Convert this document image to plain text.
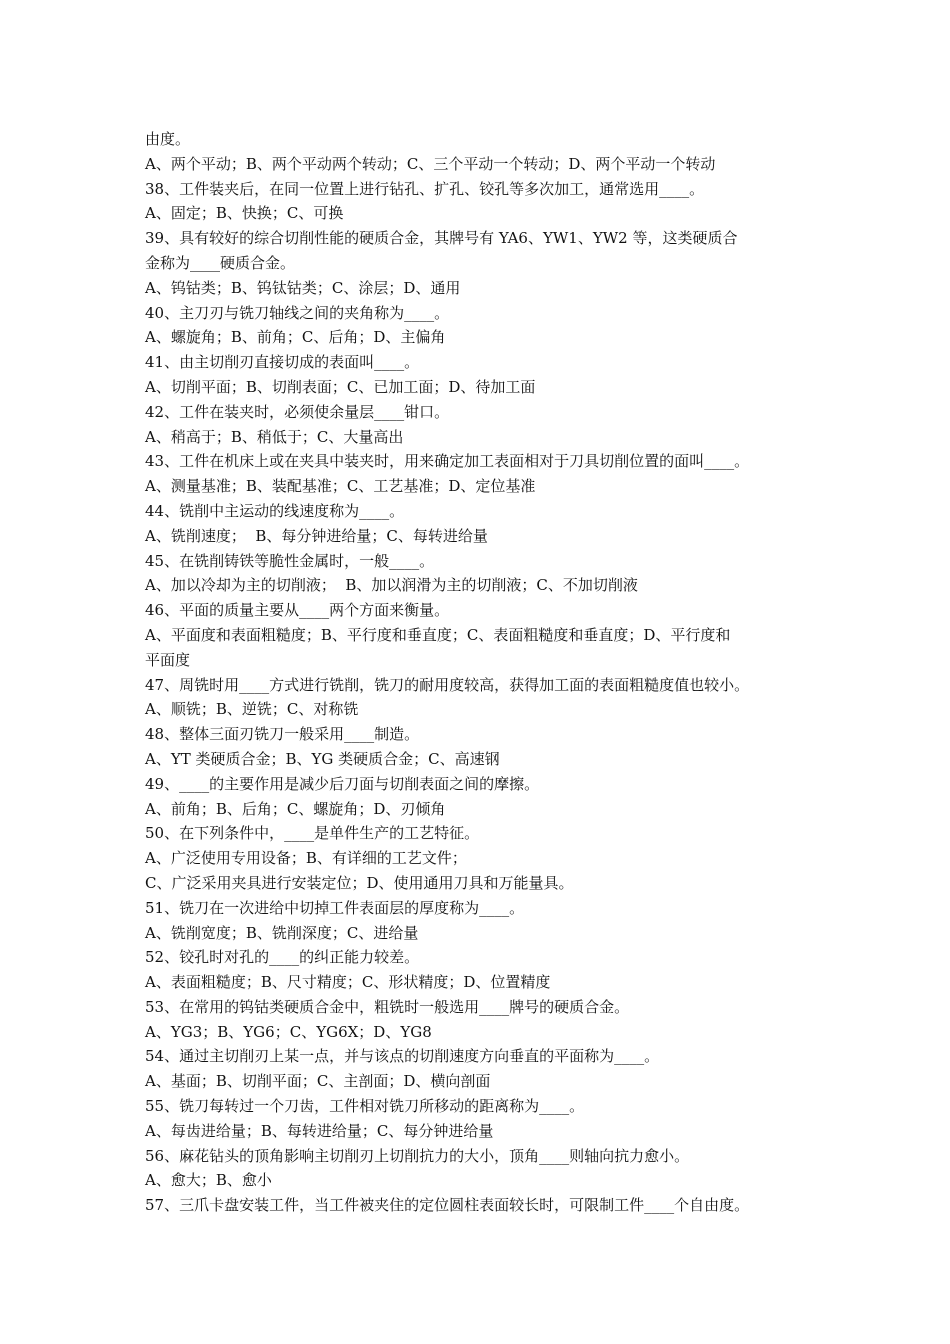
由度。
A、两个平动；B、两个平动两个转动；C、三个平动一个转动；D、两个平动一个转动
38、工件装夹后，在同一位置上进行钻孔、扩孔、铰孔等多次加工，通常选用____。
A、固定；B、快换；C、可换
39、具有较好的综合切削性能的硬质合金，其牌号有 YA6、YW1、YW2 等，这类硬质合
金称为____硬质合金。
A、钨钴类；B、钨钛钴类；C、涂层；D、通用
40、主刀刃与铣刀轴线之间的夹角称为____。
A、螺旋角；B、前角；C、后角；D、主偏角
41、由主切削刃直接切成的表面叫____。
A、切削平面；B、切削表面；C、已加工面；D、待加工面
42、工件在装夹时，必须使余量层____钳口。
A、稍高于；B、稍低于；C、大量高出
43、工件在机床上或在夹具中装夹时，用来确定加工表面相对于刀具切削位置的面叫____。
A、测量基准；B、装配基准；C、工艺基准；D、定位基准
44、铣削中主运动的线速度称为____。
A、铣削速度；  B、每分钟进给量；C、每转进给量
45、在铣削铸铁等脆性金属时，一般____。
A、加以冷却为主的切削液；  B、加以润滑为主的切削液；C、不加切削液
46、平面的质量主要从____两个方面来衡量。
A、平面度和表面粗糙度；B、平行度和垂直度；C、表面粗糙度和垂直度；D、平行度和
平面度
47、周铣时用____方式进行铣削，铣刀的耐用度较高，获得加工面的表面粗糙度值也较小。
A、顺铣；B、逆铣；C、对称铣
48、整体三面刃铣刀一般采用____制造。
A、YT 类硬质合金；B、YG 类硬质合金；C、高速钢
49、____的主要作用是减少后刀面与切削表面之间的摩擦。
A、前角；B、后角；C、螺旋角；D、刃倾角
50、在下列条件中，____是单件生产的工艺特征。
A、广泛使用专用设备；B、有详细的工艺文件；
C、广泛采用夹具进行安装定位；D、使用通用刀具和万能量具。
51、铣刀在一次进给中切掉工件表面层的厚度称为____。
A、铣削宽度；B、铣削深度；C、进给量
52、铰孔时对孔的____的纠正能力较差。
A、表面粗糙度；B、尺寸精度；C、形状精度；D、位置精度
53、在常用的钨钴类硬质合金中，粗铣时一般选用____牌号的硬质合金。
A、YG3；B、YG6；C、YG6X；D、YG8
54、通过主切削刃上某一点，并与该点的切削速度方向垂直的平面称为____。
A、基面；B、切削平面；C、主剖面；D、横向剖面
55、铣刀每转过一个刀齿，工件相对铣刀所移动的距离称为____。
A、每齿进给量；B、每转进给量；C、每分钟进给量
56、麻花钻头的顶角影响主切削刃上切削抗力的大小，顶角____则轴向抗力愈小。
A、愈大；B、愈小
57、三爪卡盘安装工件，当工件被夹住的定位圆柱表面较长时，可限制工件____个自由度。
